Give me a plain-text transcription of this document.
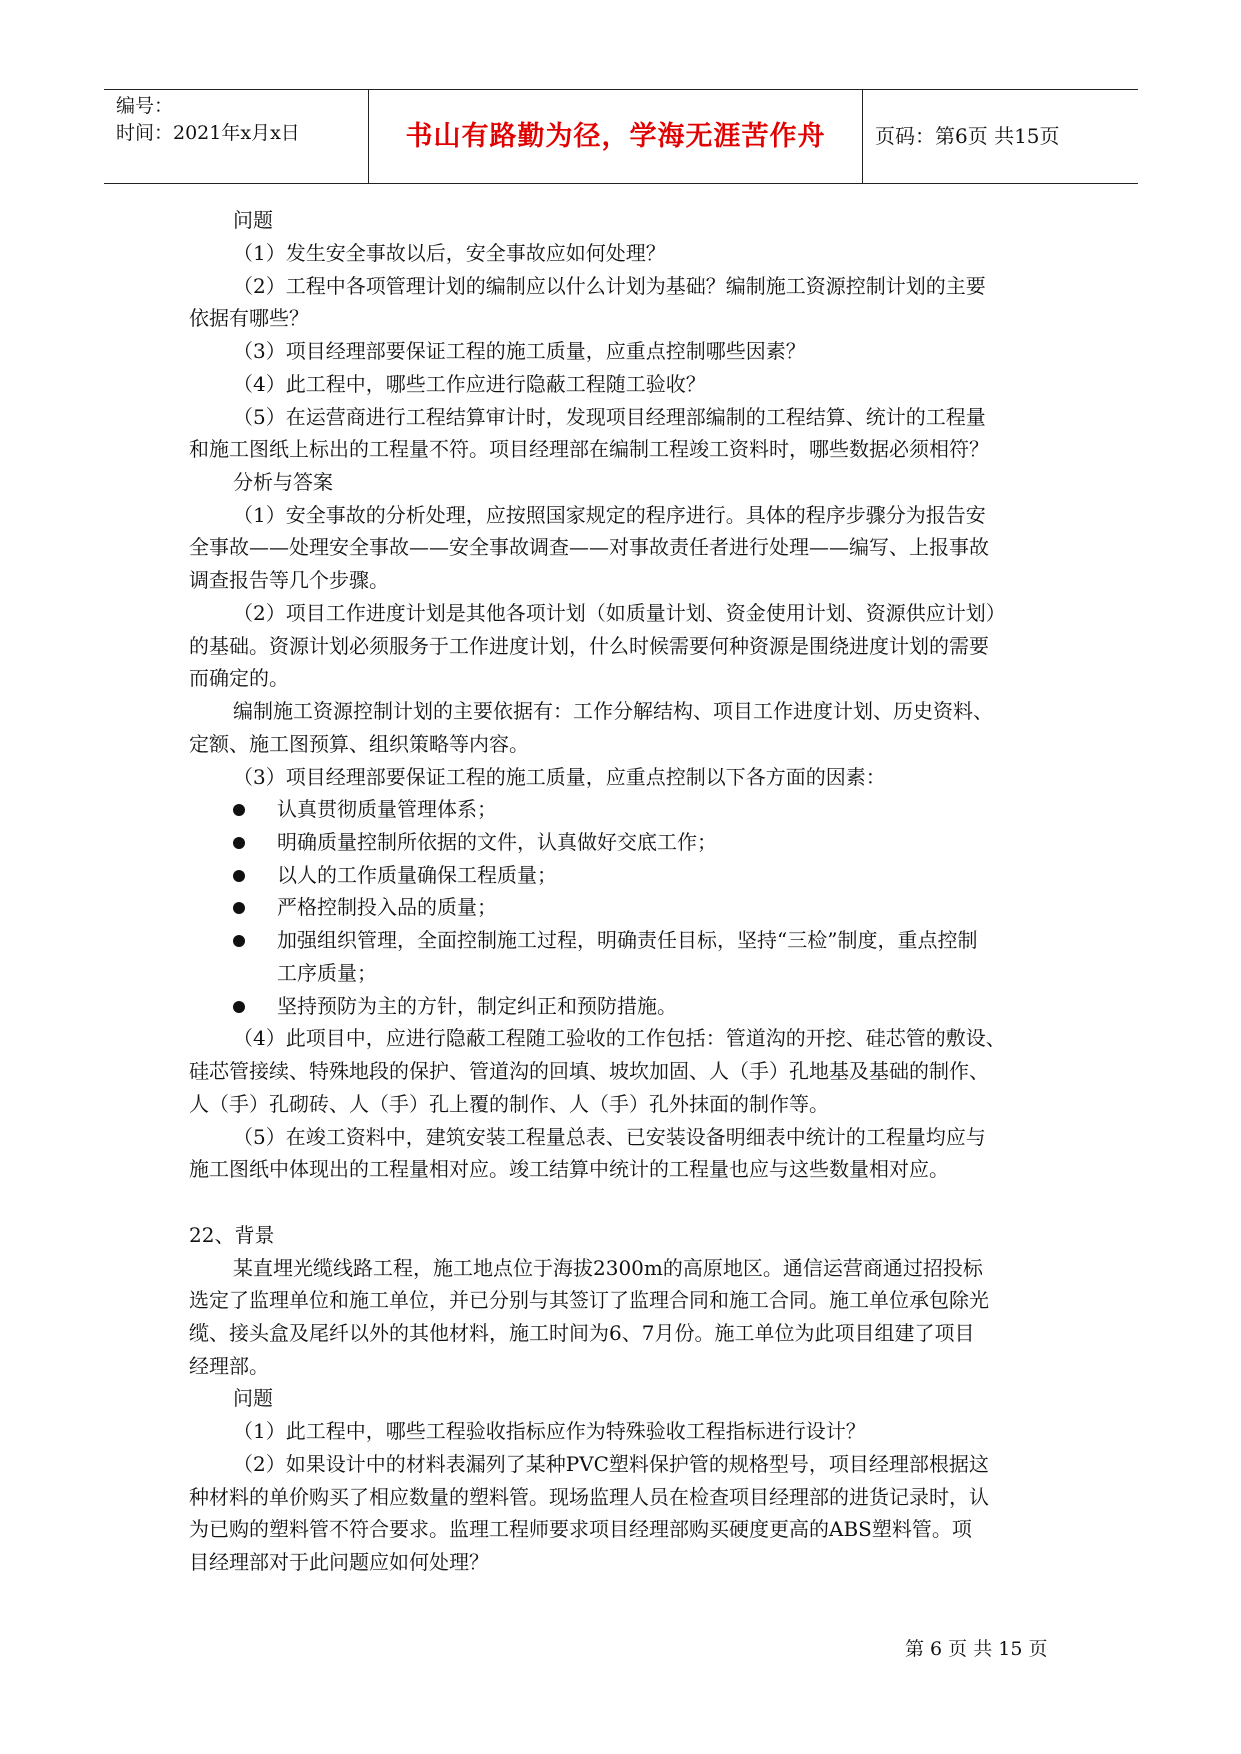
编号：
时间：2021年x月x日	书山有路勤为径，学海无涯苦作舟	页码：第6页 共15页
问题
（1）发生安全事故以后，安全事故应如何处理？
（2）工程中各项管理计划的编制应以什么计划为基础？编制施工资源控制计划的主要
依据有哪些？
（3）项目经理部要保证工程的施工质量，应重点控制哪些因素？
（4）此工程中，哪些工作应进行隐蔽工程随工验收？
（5）在运营商进行工程结算审计时，发现项目经理部编制的工程结算、统计的工程量
和施工图纸上标出的工程量不符。项目经理部在编制工程竣工资料时，哪些数据必须相符？
分析与答案
（1）安全事故的分析处理，应按照国家规定的程序进行。具体的程序步骤分为报告安
全事故——处理安全事故——安全事故调查——对事故责任者进行处理——编写、上报事故
调查报告等几个步骤。
（2）项目工作进度计划是其他各项计划（如质量计划、资金使用计划、资源供应计划）
的基础。资源计划必须服务于工作进度计划，什么时候需要何种资源是围绕进度计划的需要
而确定的。
编制施工资源控制计划的主要依据有：工作分解结构、项目工作进度计划、历史资料、
定额、施工图预算、组织策略等内容。
（3）项目经理部要保证工程的施工质量，应重点控制以下各方面的因素：
认真贯彻质量管理体系；
明确质量控制所依据的文件，认真做好交底工作；
以人的工作质量确保工程质量；
严格控制投入品的质量；
加强组织管理，全面控制施工过程，明确责任目标，坚持“三检”制度，重点控制
工序质量；
坚持预防为主的方针，制定纠正和预防措施。
（4）此项目中，应进行隐蔽工程随工验收的工作包括：管道沟的开挖、硅芯管的敷设、
硅芯管接续、特殊地段的保护、管道沟的回填、坡坎加固、人（手）孔地基及基础的制作、
人（手）孔砌砖、人（手）孔上覆的制作、人（手）孔外抹面的制作等。
（5）在竣工资料中，建筑安装工程量总表、已安装设备明细表中统计的工程量均应与
施工图纸中体现出的工程量相对应。竣工结算中统计的工程量也应与这些数量相对应。
22、背景
某直埋光缆线路工程，施工地点位于海拔2300m的高原地区。通信运营商通过招投标
选定了监理单位和施工单位，并已分别与其签订了监理合同和施工合同。施工单位承包除光
缆、接头盒及尾纤以外的其他材料，施工时间为6、7月份。施工单位为此项目组建了项目
经理部。
问题
（1）此工程中，哪些工程验收指标应作为特殊验收工程指标进行设计？
（2）如果设计中的材料表漏列了某种PVC塑料保护管的规格型号，项目经理部根据这
种材料的单价购买了相应数量的塑料管。现场监理人员在检查项目经理部的进货记录时，认
为已购的塑料管不符合要求。监理工程师要求项目经理部购买硬度更高的ABS塑料管。项
目经理部对于此问题应如何处理？
第 6 页 共 15 页
